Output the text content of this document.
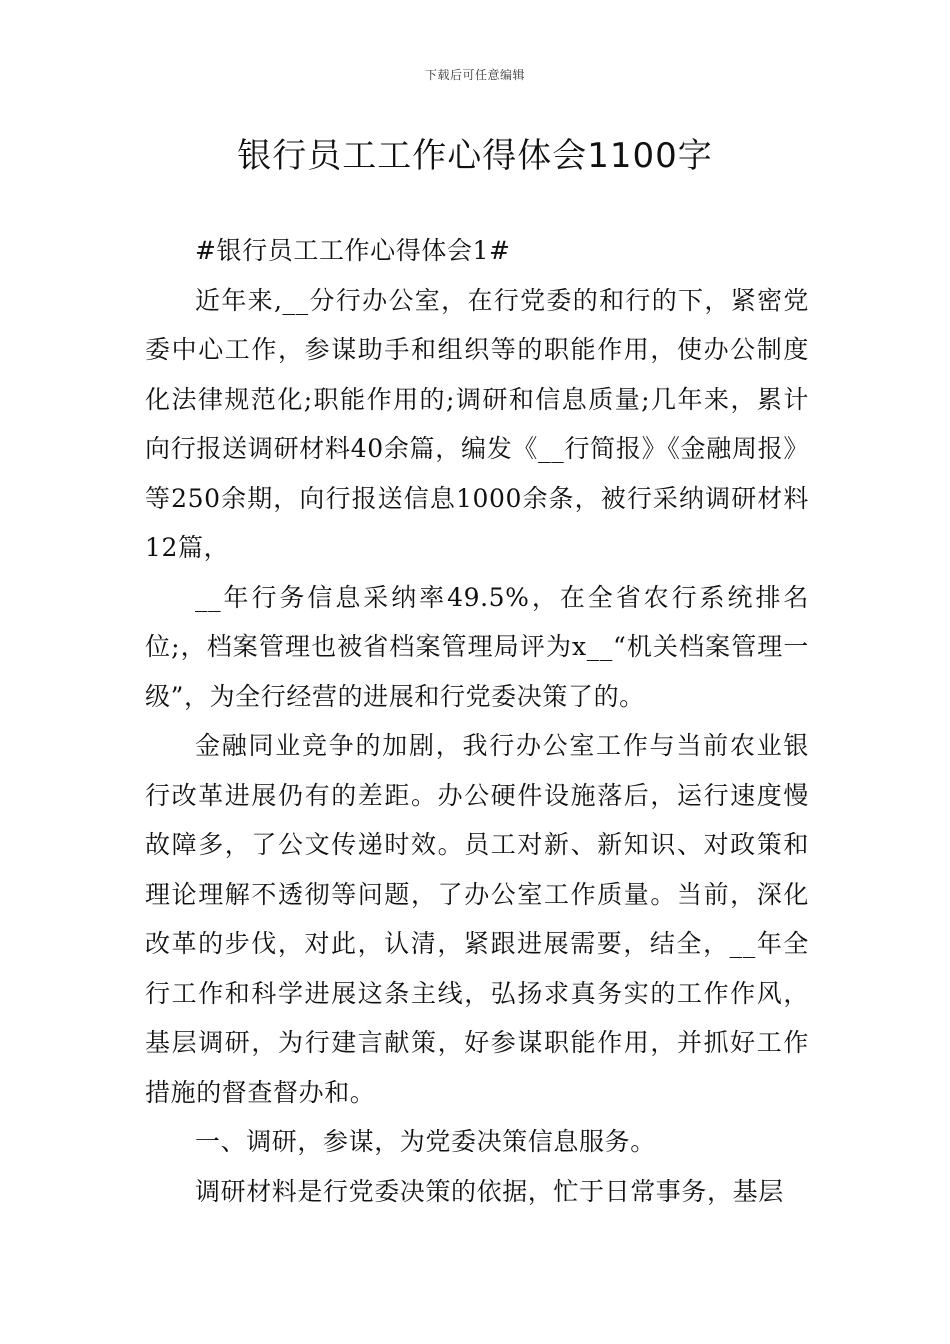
下载后可任意编辑
银行员工工作心得体会1100字

#银行员工工作心得体会1#

近年来,__分行办公室，在行党委的和行的下，紧密党委中心工作，参谋助手和组织等的职能作用，使办公制度化法律规范化;职能作用的;调研和信息质量;几年来，累计向行报送调研材料40余篇，编发《__行简报》《金融周报》等250余期，向行报送信息1000余条，被行采纳调研材料12篇，

__年行务信息采纳率49.5%，在全省农行系统排名位;，档案管理也被省档案管理局评为x__“机关档案管理一级”，为全行经营的进展和行党委决策了的。

金融同业竞争的加剧，我行办公室工作与当前农业银行改革进展仍有的差距。办公硬件设施落后，运行速度慢故障多，了公文传递时效。员工对新、新知识、对政策和理论理解不透彻等问题，了办公室工作质量。当前，深化改革的步伐，对此，认清，紧跟进展需要，结全，__年全行工作和科学进展这条主线，弘扬求真务实的工作作风，基层调研，为行建言献策，好参谋职能作用，并抓好工作措施的督查督办和。

一、调研，参谋，为党委决策信息服务。

调研材料是行党委决策的依据，忙于日常事务，基层
